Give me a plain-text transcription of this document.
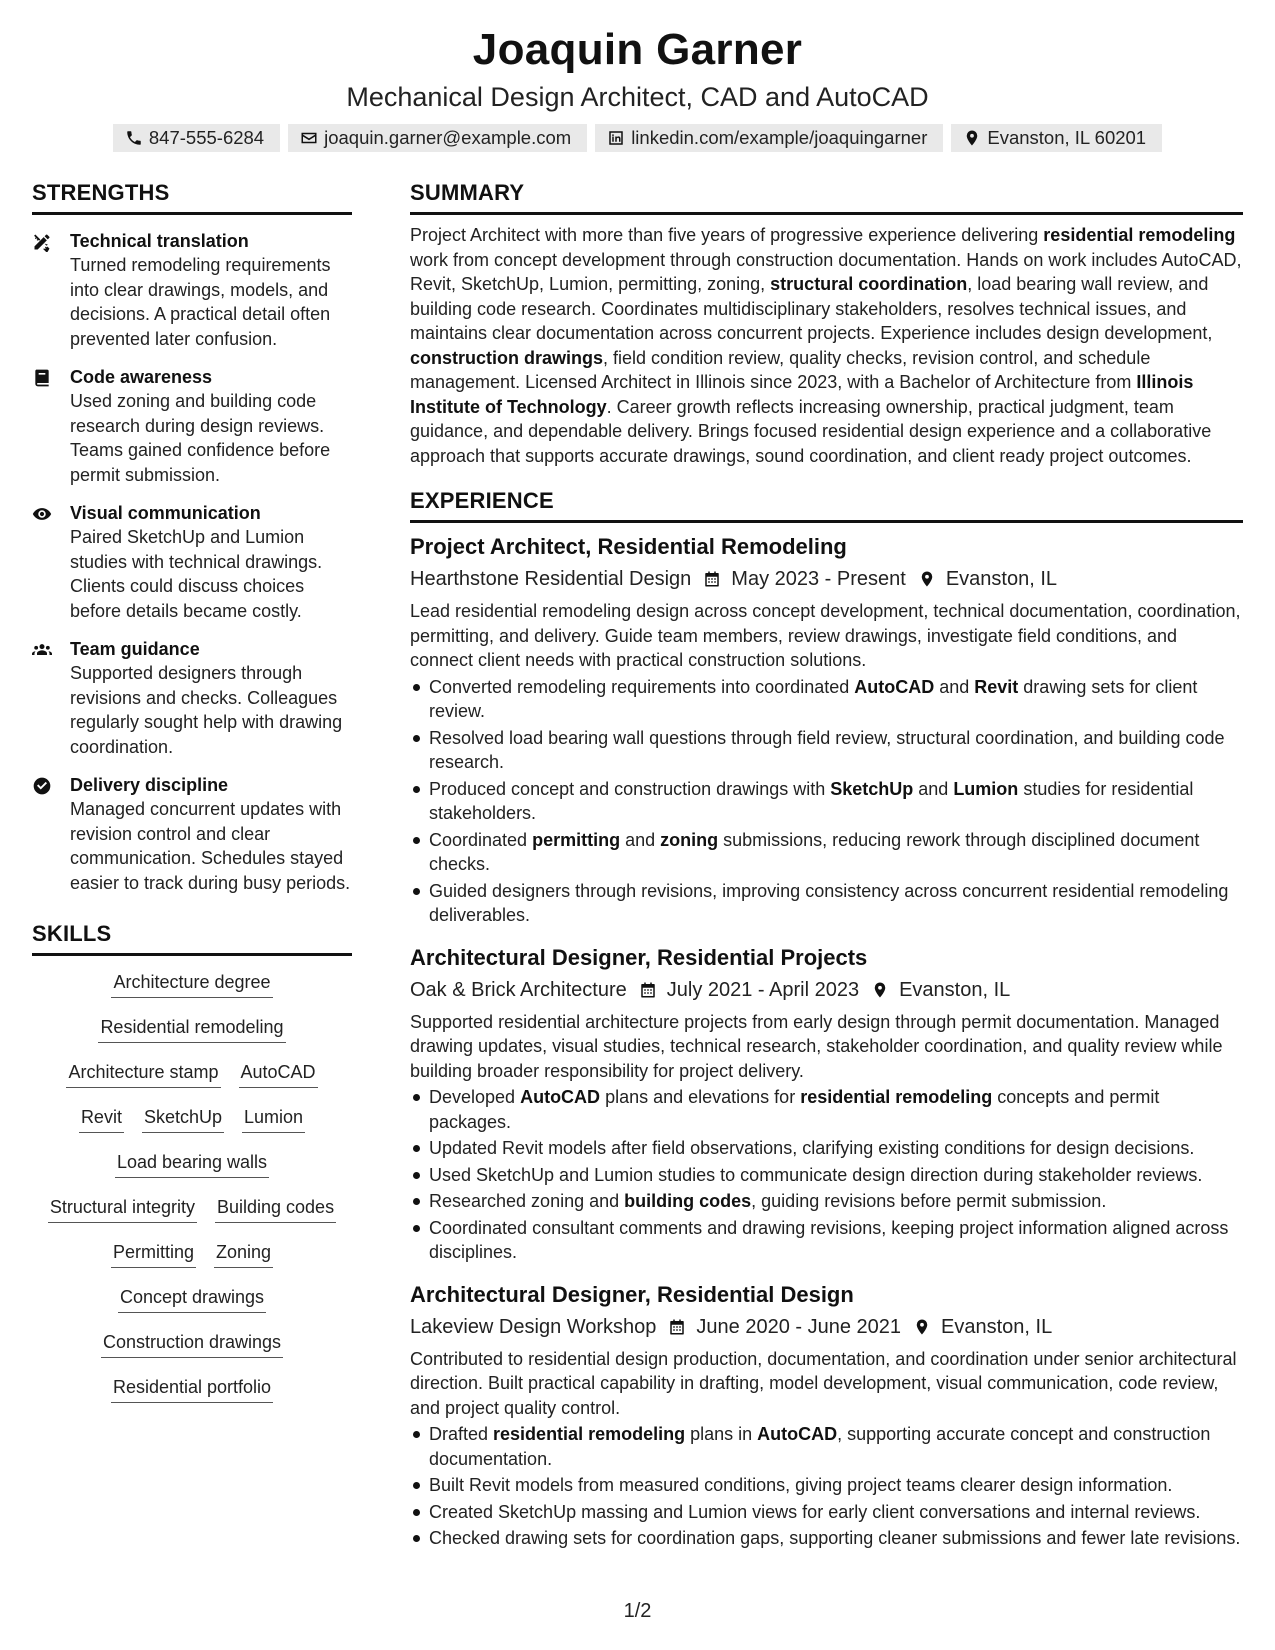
Joaquin Garner
Mechanical Design Architect, CAD and AutoCAD
847-555-6284	joaquin.garner@example.com	linkedin.com/example/joaquingarner	Evanston, IL 60201
STRENGTHS
Technical translation
Turned remodeling requirements into clear drawings, models, and decisions. A practical detail often prevented later confusion.
Code awareness
Used zoning and building code research during design reviews. Teams gained confidence before permit submission.
Visual communication
Paired SketchUp and Lumion studies with technical drawings. Clients could discuss choices before details became costly.
Team guidance
Supported designers through revisions and checks. Colleagues regularly sought help with drawing coordination.
Delivery discipline
Managed concurrent updates with revision control and clear communication. Schedules stayed easier to track during busy periods.
SKILLS
Architecture degree
Residential remodeling
Architecture stamp AutoCAD
Revit SketchUp Lumion
Load bearing walls
Structural integrity Building codes
Permitting Zoning
Concept drawings
Construction drawings
Residential portfolio
SUMMARY

Project Architect with more than five years of progressive experience delivering residential remodeling work from concept development through construction documentation. Hands on work includes AutoCAD, Revit, SketchUp, Lumion, permitting, zoning, structural coordination, load bearing wall review, and building code research. Coordinates multidisciplinary stakeholders, resolves technical issues, and maintains clear documentation across concurrent projects. Experience includes design development, construction drawings, field condition review, quality checks, revision control, and schedule management. Licensed Architect in Illinois since 2023, with a Bachelor of Architecture from Illinois Institute of Technology. Career growth reflects increasing ownership, practical judgment, team guidance, and dependable delivery. Brings focused residential design experience and a collaborative approach that supports accurate drawings, sound coordination, and client ready project outcomes.

EXPERIENCE
Project Architect, Residential Remodeling
Hearthstone Residential Design May 2023 - Present Evanston, IL

Lead residential remodeling design across concept development, technical documentation, coordination, permitting, and delivery. Guide team members, review drawings, investigate field conditions, and connect client needs with practical construction solutions.

Converted remodeling requirements into coordinated AutoCAD and Revit drawing sets for client review.
Resolved load bearing wall questions through field review, structural coordination, and building code research.
Produced concept and construction drawings with SketchUp and Lumion studies for residential stakeholders.
Coordinated permitting and zoning submissions, reducing rework through disciplined document checks.
Guided designers through revisions, improving consistency across concurrent residential remodeling deliverables.
Architectural Designer, Residential Projects
Oak & Brick Architecture July 2021 - April 2023 Evanston, IL

Supported residential architecture projects from early design through permit documentation. Managed drawing updates, visual studies, technical research, stakeholder coordination, and quality review while building broader responsibility for project delivery.

Developed AutoCAD plans and elevations for residential remodeling concepts and permit packages.
Updated Revit models after field observations, clarifying existing conditions for design decisions.
Used SketchUp and Lumion studies to communicate design direction during stakeholder reviews.
Researched zoning and building codes, guiding revisions before permit submission.
Coordinated consultant comments and drawing revisions, keeping project information aligned across disciplines.
Architectural Designer, Residential Design
Lakeview Design Workshop June 2020 - June 2021 Evanston, IL

Contributed to residential design production, documentation, and coordination under senior architectural direction. Built practical capability in drafting, model development, visual communication, code review, and project quality control.

Drafted residential remodeling plans in AutoCAD, supporting accurate concept and construction documentation.
Built Revit models from measured conditions, giving project teams clearer design information.
Created SketchUp massing and Lumion views for early client conversations and internal reviews.
Checked drawing sets for coordination gaps, supporting cleaner submissions and fewer late revisions.
1/2
